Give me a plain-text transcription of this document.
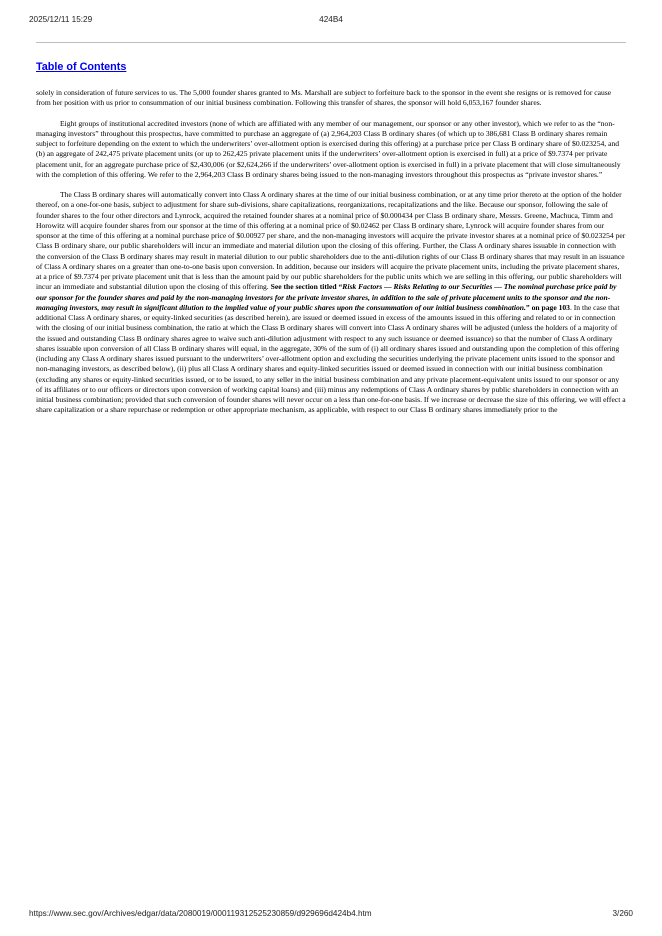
2025/12/11 15:29	424B4
Table of Contents

solely in consideration of future services to us. The 5,000 founder shares granted to Ms. Marshall are subject to forfeiture back to the sponsor in the event she resigns or is removed for cause from her position with us prior to consummation of our initial business combination. Following this transfer of shares, the sponsor will hold 6,053,167 founder shares.

Eight groups of institutional accredited investors (none of which are affiliated with any member of our management, our sponsor or any other investor), which we refer to as the “non-managing investors” throughout this prospectus, have committed to purchase an aggregate of (a) 2,964,203 Class B ordinary shares (of which up to 386,681 Class B ordinary shares remain subject to forfeiture depending on the extent to which the underwriters’ over-allotment option is exercised during this offering) at a purchase price per Class B ordinary share of $0.023254, and (b) an aggregate of 242,475 private placement units (or up to 262,425 private placement units if the underwriters’ over-allotment option is exercised in full) at a price of $9.7374 per private placement unit, for an aggregate purchase price of $2,430,006 (or $2,624,266 if the underwriters’ over-allotment option is exercised in full) in a private placement that will close simultaneously with the completion of this offering. We refer to the 2,964,203 Class B ordinary shares being issued to the non-managing investors throughout this prospectus as “private investor shares.”

The Class B ordinary shares will automatically convert into Class A ordinary shares at the time of our initial business combination, or at any time prior thereto at the option of the holder thereof, on a one-for-one basis, subject to adjustment for share sub-divisions, share capitalizations, reorganizations, recapitalizations and the like. Because our sponsor, following the sale of founder shares to the four other directors and Lynrock, acquired the retained founder shares at a nominal price of $0.000434 per Class B ordinary share, Messrs. Greene, Machuca, Timm and Horowitz will acquire founder shares from our sponsor at the time of this offering at a nominal price of $0.02462 per Class B ordinary share, Lynrock will acquire founder shares from our sponsor at the time of this offering at a nominal purchase price of $0.00927 per share, and the non-managing investors will acquire the private investor shares at a nominal price of $0.023254 per Class B ordinary share, our public shareholders will incur an immediate and material dilution upon the closing of this offering. Further, the Class A ordinary shares issuable in connection with the conversion of the Class B ordinary shares may result in material dilution to our public shareholders due to the anti-dilution rights of our Class B ordinary shares that may result in an issuance of Class A ordinary shares on a greater than one-to-one basis upon conversion. In addition, because our insiders will acquire the private placement units, including the private placement shares, at a price of $9.7374 per private placement unit that is less than the amount paid by our public shareholders for the public units which we are selling in this offering, our public shareholders will incur an immediate and substantial dilution upon the closing of this offering. See the section titled “Risk Factors — Risks Relating to our Securities — The nominal purchase price paid by our sponsor for the founder shares and paid by the non-managing investors for the private investor shares, in addition to the sale of private placement units to the sponsor and the non-managing investors, may result in significant dilution to the implied value of your public shares upon the consummation of our initial business combination.” on page 103. In the case that additional Class A ordinary shares, or equity-linked securities (as described herein), are issued or deemed issued in excess of the amounts issued in this offering and related to or in connection with the closing of our initial business combination, the ratio at which the Class B ordinary shares will convert into Class A ordinary shares will be adjusted (unless the holders of a majority of the issued and outstanding Class B ordinary shares agree to waive such anti-dilution adjustment with respect to any such issuance or deemed issuance) so that the number of Class A ordinary shares issuable upon conversion of all Class B ordinary shares will equal, in the aggregate, 30% of the sum of (i) all ordinary shares issued and outstanding upon the completion of this offering (including any Class A ordinary shares issued pursuant to the underwriters’ over-allotment option and excluding the securities underlying the private placement units issued to the sponsor and non-managing investors, as described below), (ii) plus all Class A ordinary shares and equity-linked securities issued or deemed issued in connection with our initial business combination (excluding any shares or equity-linked securities issued, or to be issued, to any seller in the initial business combination and any private placement-equivalent units issued to our sponsor or any of its affiliates or to our officers or directors upon conversion of working capital loans) and (iii) minus any redemptions of Class A ordinary shares by public shareholders in connection with an initial business combination; provided that such conversion of founder shares will never occur on a less than one-for-one basis. If we increase or decrease the size of this offering, we will effect a share capitalization or a share repurchase or redemption or other appropriate mechanism, as applicable, with respect to our Class B ordinary shares immediately prior to the

https://www.sec.gov/Archives/edgar/data/2080019/000119312525230859/d929696d424b4.htm	3/260
